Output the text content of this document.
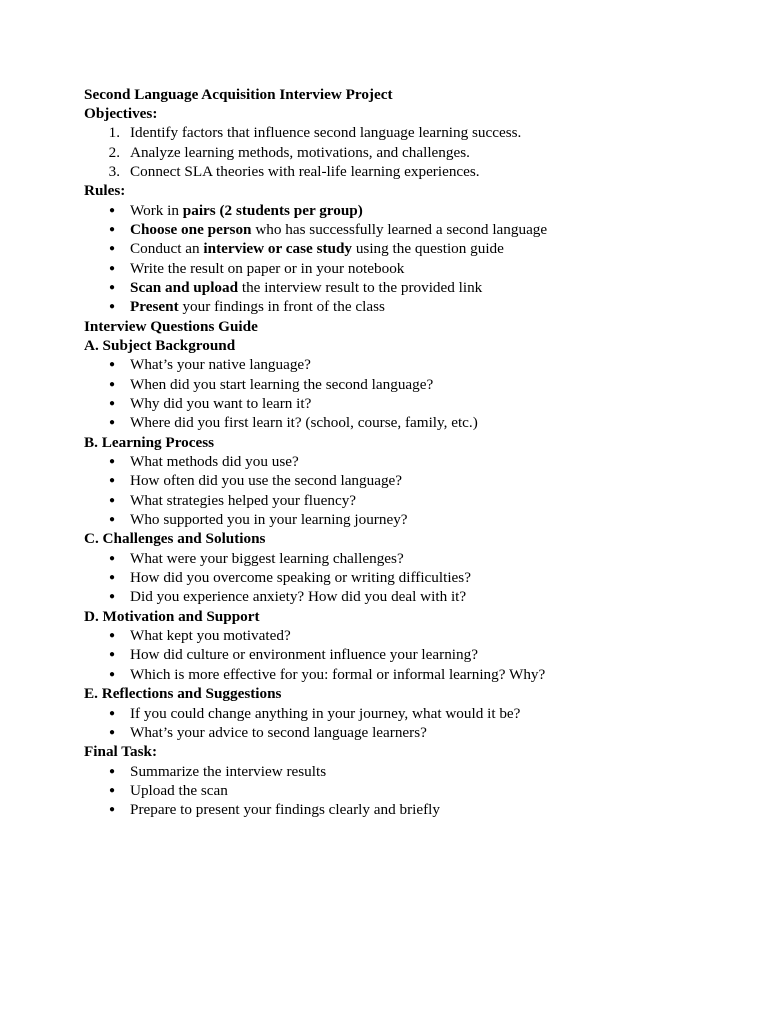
Second Language Acquisition Interview Project
Objectives:
1. Identify factors that influence second language learning success.
2. Analyze learning methods, motivations, and challenges.
3. Connect SLA theories with real-life learning experiences.
Rules:
● Work in pairs (2 students per group)
● Choose one person who has successfully learned a second language
● Conduct an interview or case study using the question guide
● Write the result on paper or in your notebook
● Scan and upload the interview result to the provided link
● Present your findings in front of the class
Interview Questions Guide
A. Subject Background
● What’s your native language?
● When did you start learning the second language?
● Why did you want to learn it?
● Where did you first learn it? (school, course, family, etc.)
B. Learning Process
● What methods did you use?
● How often did you use the second language?
● What strategies helped your fluency?
● Who supported you in your learning journey?
C. Challenges and Solutions
● What were your biggest learning challenges?
● How did you overcome speaking or writing difficulties?
● Did you experience anxiety? How did you deal with it?
D. Motivation and Support
● What kept you motivated?
● How did culture or environment influence your learning?
● Which is more effective for you: formal or informal learning? Why?
E. Reflections and Suggestions
● If you could change anything in your journey, what would it be?
● What’s your advice to second language learners?
Final Task:
● Summarize the interview results
● Upload the scan
● Prepare to present your findings clearly and briefly
